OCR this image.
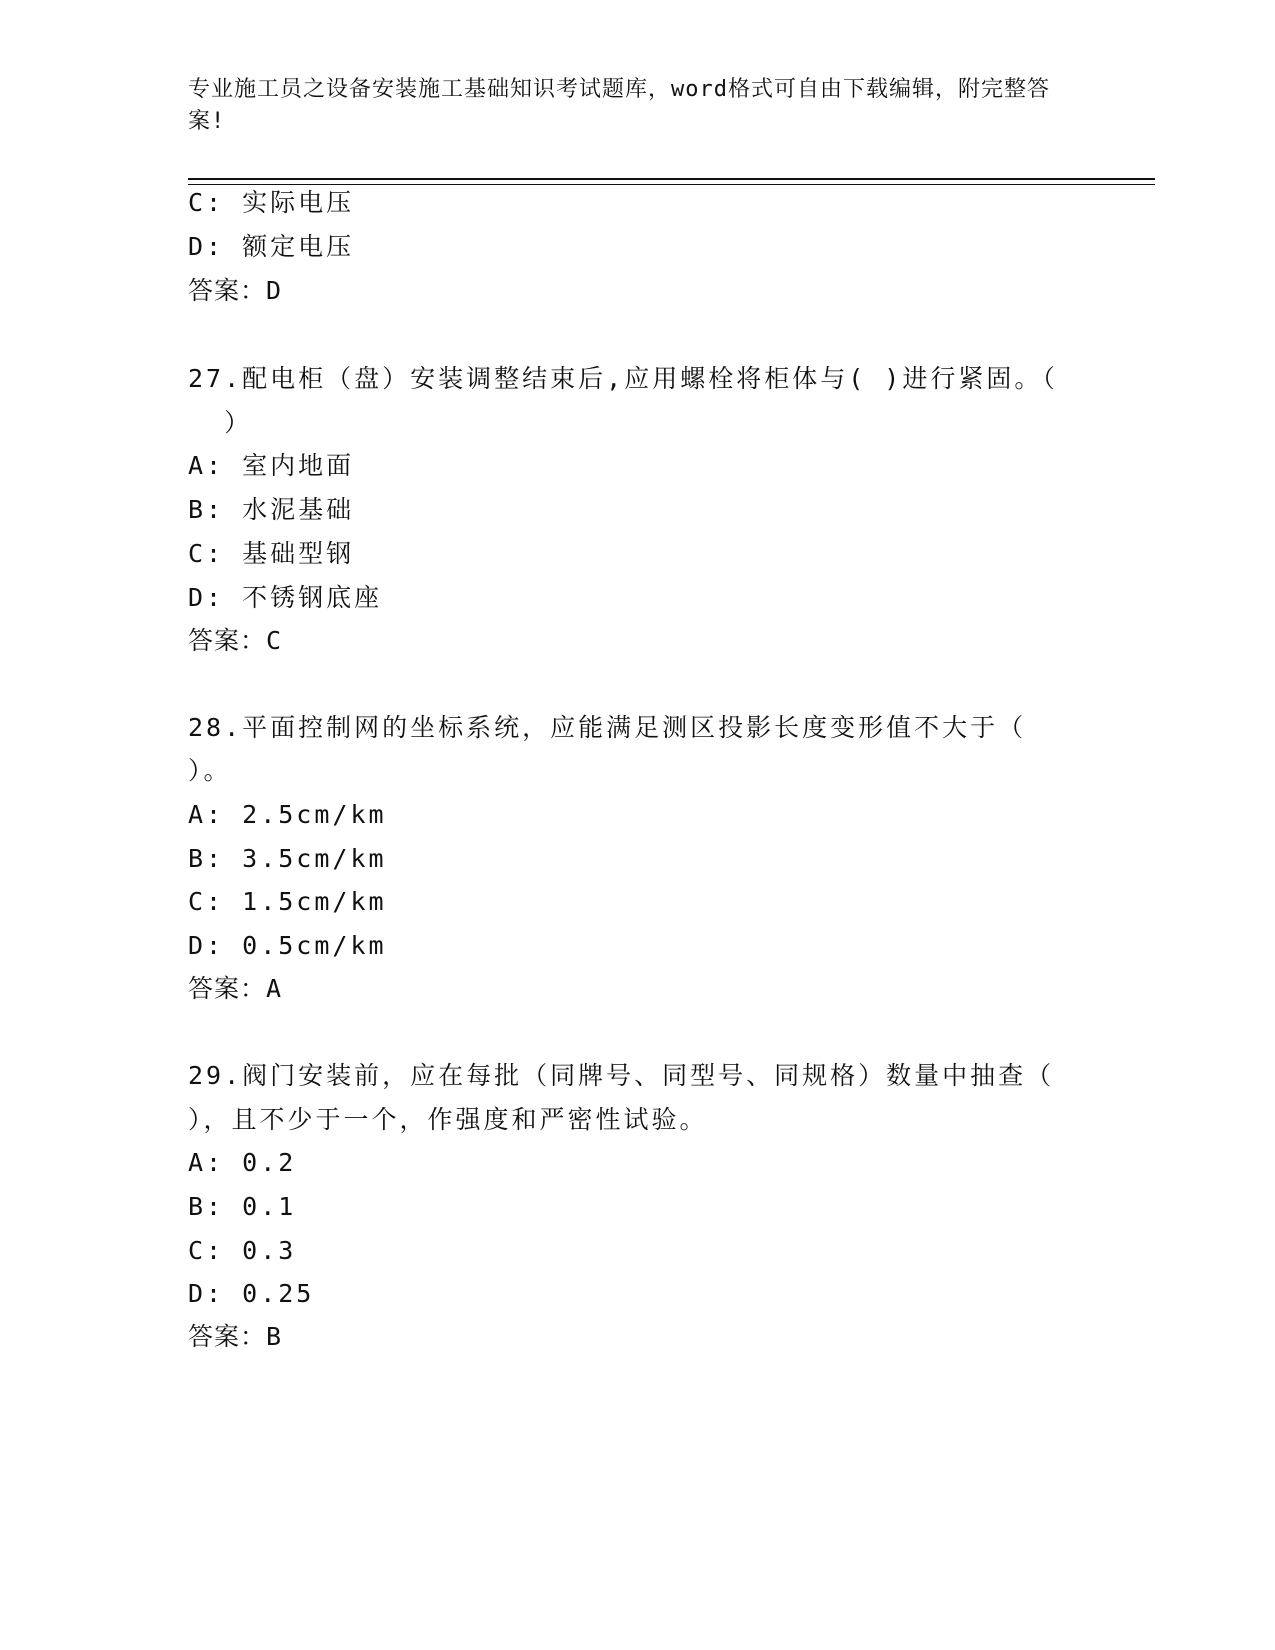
专业施工员之设备安装施工基础知识考试题库，word格式可自由下载编辑，附完整答案!
C: 实际电压
D: 额定电压
答案：D
27.配电柜（盘）安装调整结束后,应用螺栓将柜体与( )进行紧固。（
）
A: 室内地面
B: 水泥基础
C: 基础型钢
D: 不锈钢底座
答案：C
28.平面控制网的坐标系统，应能满足测区投影长度变形值不大于（
）。
A: 2.5cm/km
B: 3.5cm/km
C: 1.5cm/km
D: 0.5cm/km
答案：A
29.阀门安装前，应在每批（同牌号、同型号、同规格）数量中抽查（
），且不少于一个，作强度和严密性试验。
A: 0.2
B: 0.1
C: 0.3
D: 0.25
答案：B
